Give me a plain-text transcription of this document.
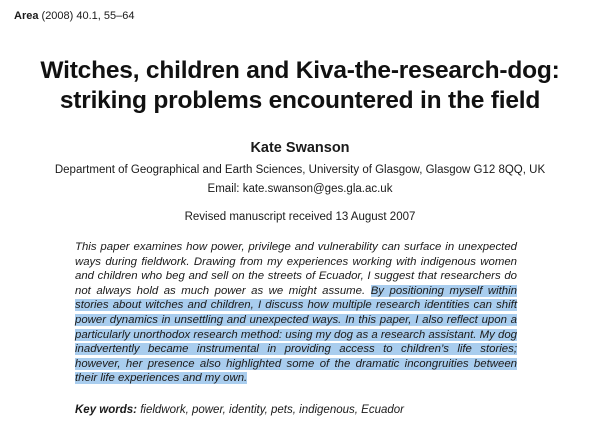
Area (2008) 40.1, 55–64
Witches, children and Kiva-the-research-dog:
striking problems encountered in the field
Kate Swanson
Department of Geographical and Earth Sciences, University of Glasgow, Glasgow G12 8QQ, UK
Email: kate.swanson@ges.gla.ac.uk
Revised manuscript received 13 August 2007
This paper examines how power, privilege and vulnerability can surface in unexpected ways during fieldwork. Drawing from my experiences working with indigenous women and children who beg and sell on the streets of Ecuador, I suggest that researchers do not always hold as much power as we might assume. By positioning myself within stories about witches and children, I discuss how multiple research identities can shift power dynamics in unsettling and unexpected ways. In this paper, I also reflect upon a particularly unorthodox research method: using my dog as a research assistant. My dog inadvertently became instrumental in providing access to children’s life stories; however, her presence also highlighted some of the dramatic incongruities between their life experiences and my own.
Key words: fieldwork, power, identity, pets, indigenous, Ecuador
